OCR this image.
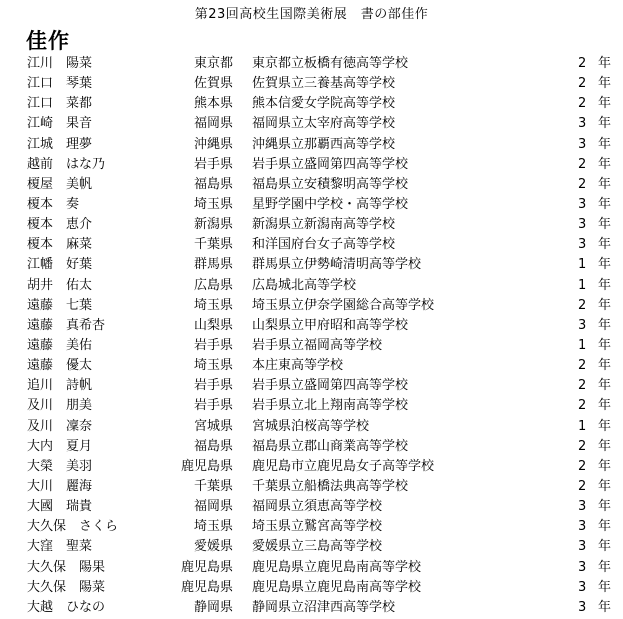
第23回高校生国際美術展　書の部佳作
佳作
江川　陽菜	東京都 東京都立板橋有徳高等学校	2 年
江口　琴葉	佐賀県 佐賀県立三養基高等学校	2 年
江口　菜都	熊本県 熊本信愛女学院高等学校	2 年
江崎　果音	福岡県 福岡県立太宰府高等学校	3 年
江城　理夢	沖縄県 沖縄県立那覇西高等学校	3 年
越前　はな乃	岩手県 岩手県立盛岡第四高等学校	2 年
榎屋　美帆	福島県 福島県立安積黎明高等学校	2 年
榎本　奏	埼玉県 星野学園中学校・高等学校	3 年
榎本　恵介	新潟県 新潟県立新潟南高等学校	3 年
榎本　麻菜	千葉県 和洋国府台女子高等学校	3 年
江幡　好葉	群馬県 群馬県立伊勢崎清明高等学校	1 年
胡井　佑太	広島県 広島城北高等学校	1 年
遠藤　七葉	埼玉県 埼玉県立伊奈学園総合高等学校	2 年
遠藤　真希杏	山梨県 山梨県立甲府昭和高等学校	3 年
遠藤　美佑	岩手県 岩手県立福岡高等学校	1 年
遠藤　優太	埼玉県 本庄東高等学校	2 年
追川　詩帆	岩手県 岩手県立盛岡第四高等学校	2 年
及川　朋美	岩手県 岩手県立北上翔南高等学校	2 年
及川　凜奈	宮城県 宮城県泊桜高等学校	1 年
大内　夏月	福島県 福島県立郡山商業高等学校	2 年
大榮　美羽	鹿児島県 鹿児島市立鹿児島女子高等学校	2 年
大川　麗海	千葉県 千葉県立船橋法典高等学校	2 年
大國　瑞貴	福岡県 福岡県立須恵高等学校	3 年
大久保　さくら	埼玉県 埼玉県立鷲宮高等学校	3 年
大窪　聖菜	愛媛県 愛媛県立三島高等学校	3 年
大久保　陽果	鹿児島県 鹿児島県立鹿児島南高等学校	3 年
大久保　陽菜	鹿児島県 鹿児島県立鹿児島南高等学校	3 年
大越　ひなの	静岡県 静岡県立沼津西高等学校	3 年
